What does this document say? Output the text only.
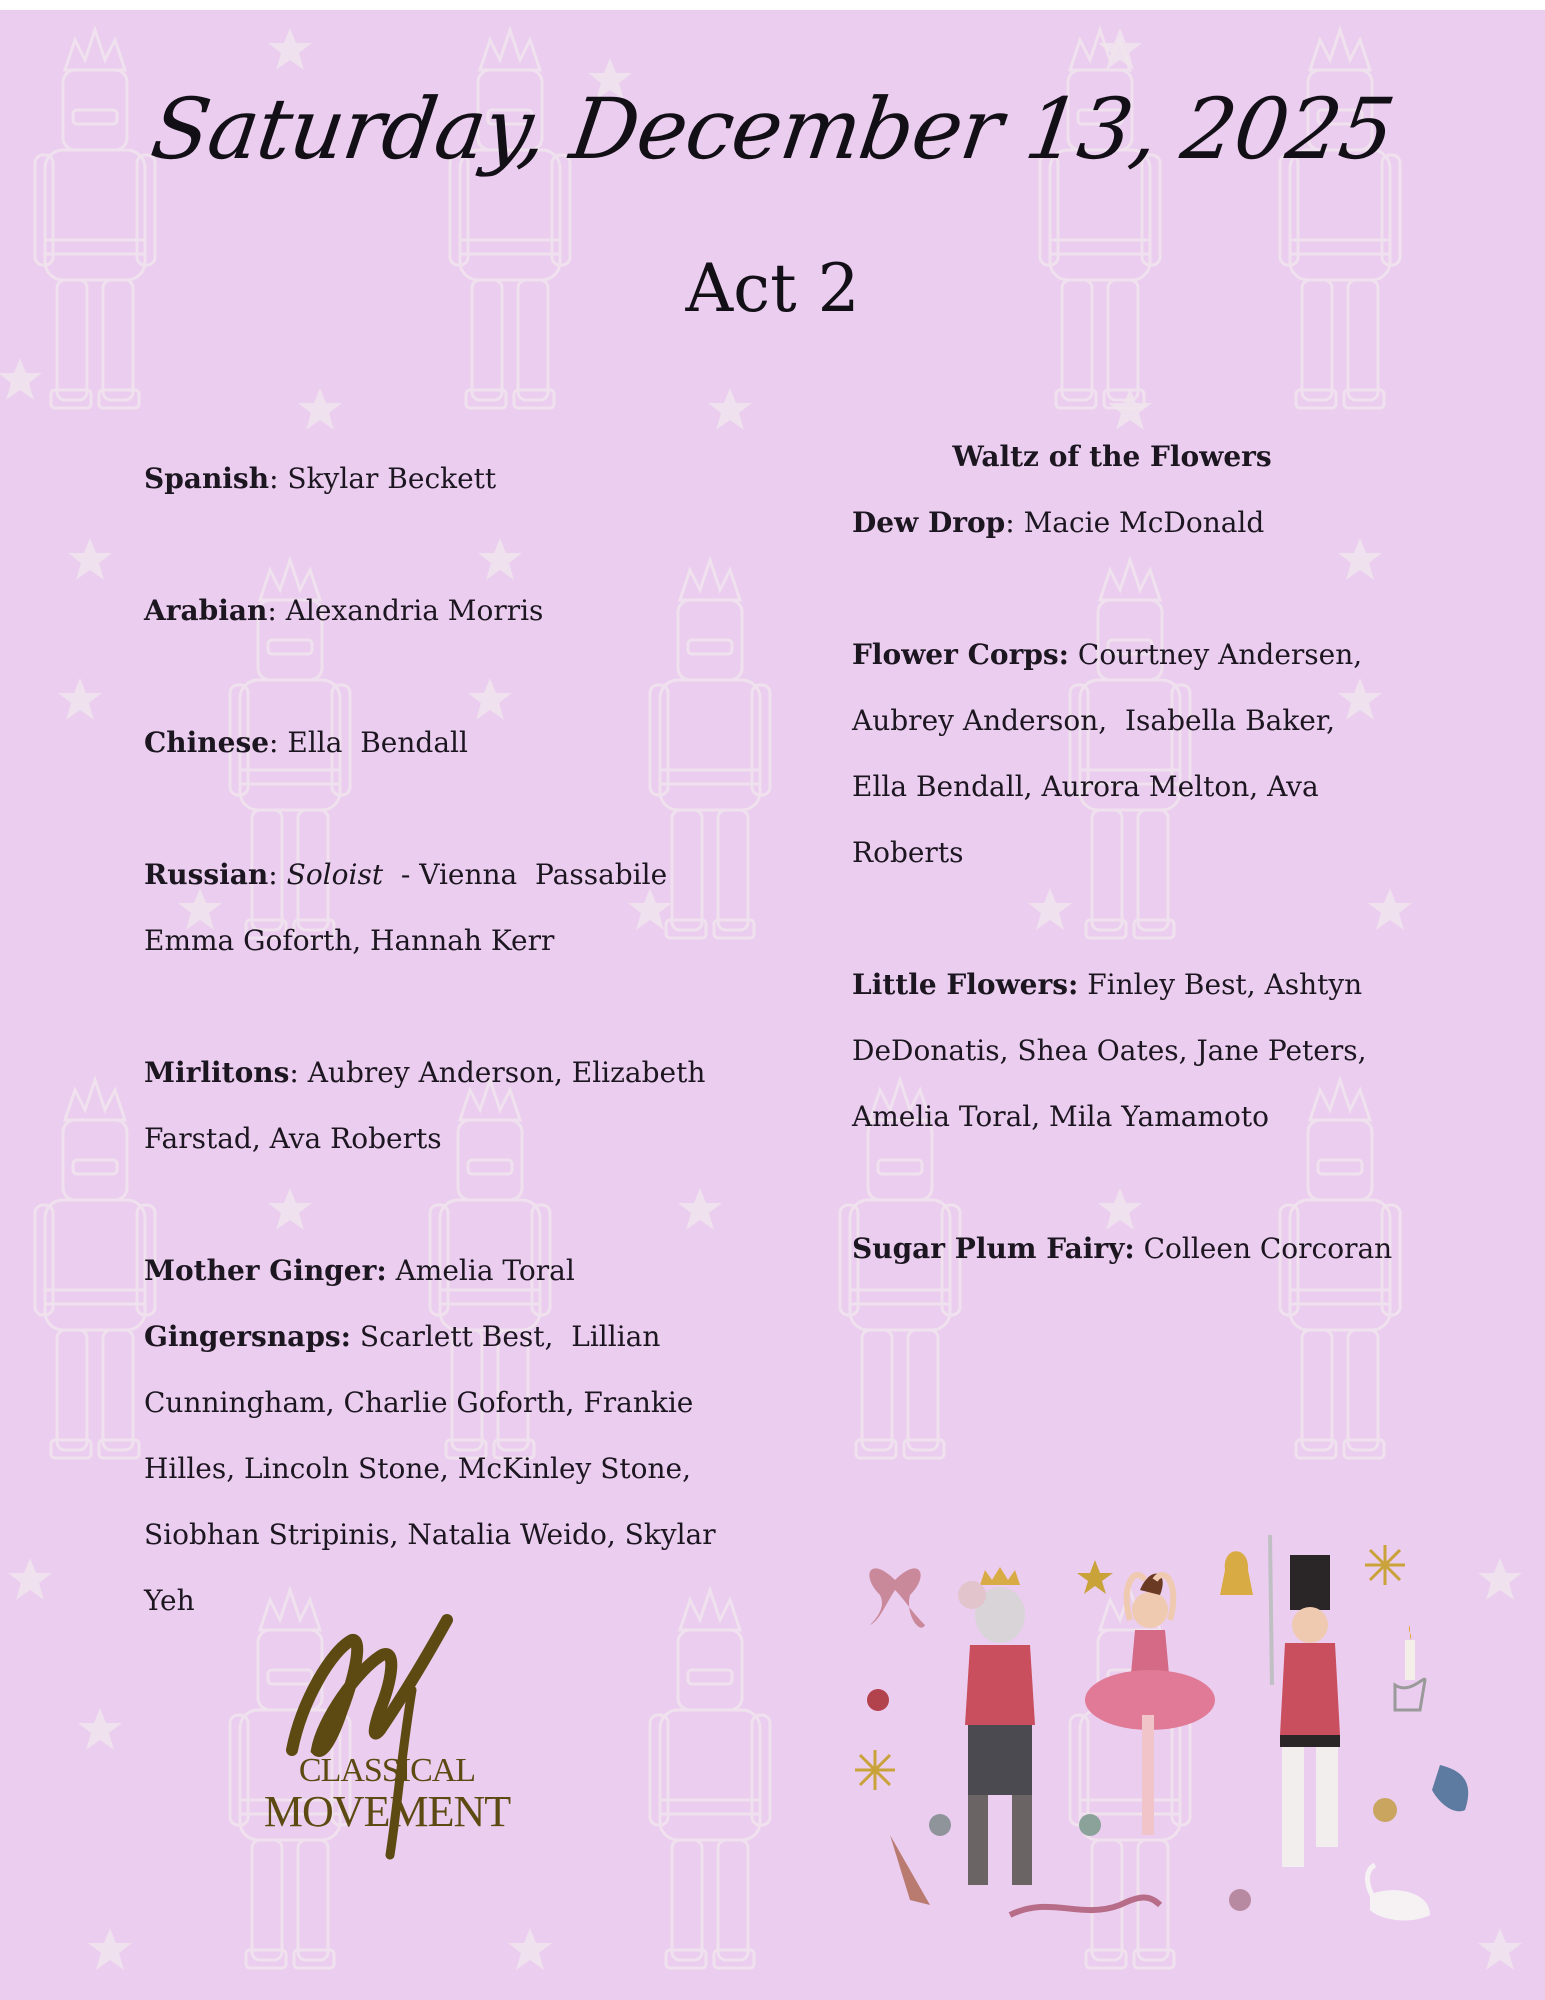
Saturday, December 13, 2025
Act 2

Spanish: Skylar Beckett

Arabian: Alexandria Morris

Chinese: Ella  Bendall

Russian: Soloist  - Vienna  Passabile

Emma Goforth, Hannah Kerr

Mirlitons: Aubrey Anderson, Elizabeth

Farstad, Ava Roberts

Mother Ginger: Amelia Toral

Gingersnaps: Scarlett Best,  Lillian

Cunningham, Charlie Goforth, Frankie

Hilles, Lincoln Stone, McKinley Stone,

Siobhan Stripinis, Natalia Weido, Skylar

Yeh

Waltz of the Flowers

Dew Drop: Macie McDonald

Flower Corps: Courtney Andersen,

Aubrey Anderson,  Isabella Baker,

Ella Bendall, Aurora Melton, Ava

Roberts

Little Flowers: Finley Best, Ashtyn

DeDonatis, Shea Oates, Jane Peters,

Amelia Toral, Mila Yamamoto

Sugar Plum Fairy: Colleen Corcoran

CLASSICAL
MOVEMENT
